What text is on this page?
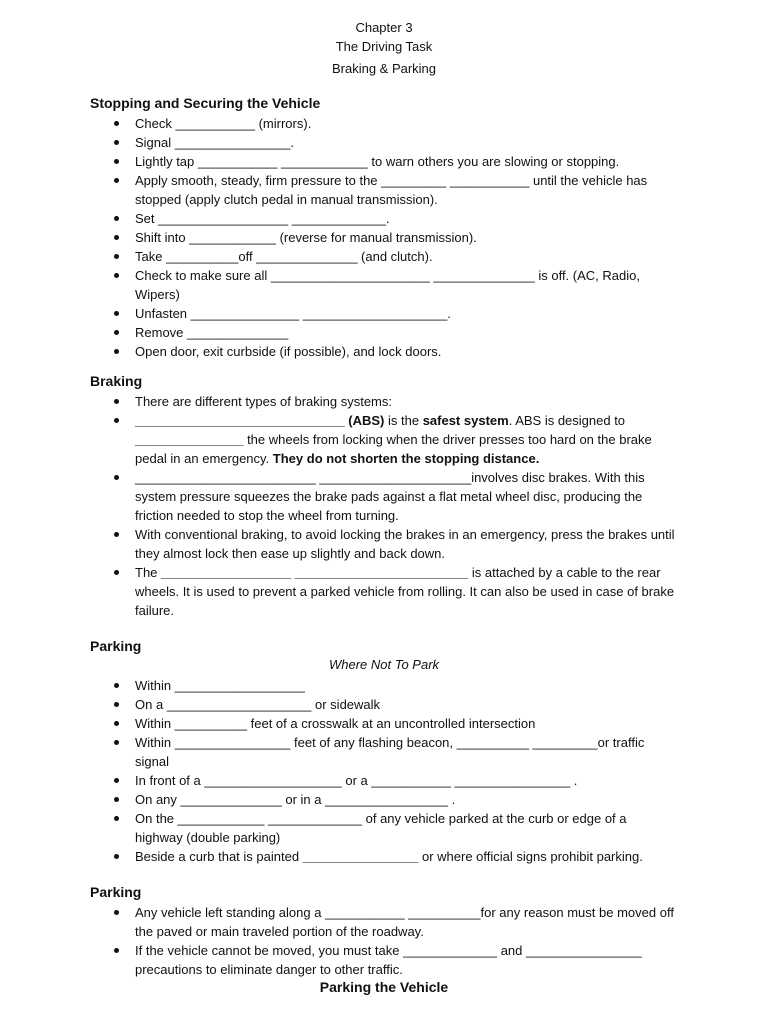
Chapter 3
The Driving Task
Braking & Parking
Stopping and Securing the Vehicle
Check ___________ (mirrors).
Signal ________________.
Lightly tap ___________ ____________ to warn others you are slowing or stopping.
Apply smooth, steady, firm pressure to the _________ ___________ until the vehicle has stopped (apply clutch pedal in manual transmission).
Set __________________ _____________.
Shift into ____________ (reverse for manual transmission).
Take __________off ______________ (and clutch).
Check to make sure all ______________________ ______________ is off. (AC, Radio, Wipers)
Unfasten _______________ ____________________.
Remove ______________
Open door, exit curbside (if possible), and lock doors.
Braking
There are different types of braking systems:
_____________________________ (ABS) is the safest system. ABS is designed to _______________ the wheels from locking when the driver presses too hard on the brake pedal in an emergency. They do not shorten the stopping distance.
_________________________ _____________________involves disc brakes. With this system pressure squeezes the brake pads against a flat metal wheel disc, producing the friction needed to stop the wheel from turning.
With conventional braking, to avoid locking the brakes in an emergency, press the brakes until they almost lock then ease up slightly and back down.
The __________________ ________________________ is attached by a cable to the rear wheels. It is used to prevent a parked vehicle from rolling. It can also be used in case of brake failure.
Parking
Where Not To Park
Within __________________
On a ____________________ or sidewalk
Within __________ feet of a crosswalk at an uncontrolled intersection
Within ________________ feet of any flashing beacon, __________ _________or traffic signal
In front of a ___________________ or a ___________ ________________ .
On any ______________ or in a _________________ .
On the ____________ _____________ of any vehicle parked at the curb or edge of a highway (double parking)
Beside a curb that is painted ________________ or where official signs prohibit parking.
Parking
Any vehicle left standing along a ___________ __________for any reason must be moved off the paved or main traveled portion of the roadway.
If the vehicle cannot be moved, you must take _____________ and ________________ precautions to eliminate danger to other traffic.
Parking the Vehicle
